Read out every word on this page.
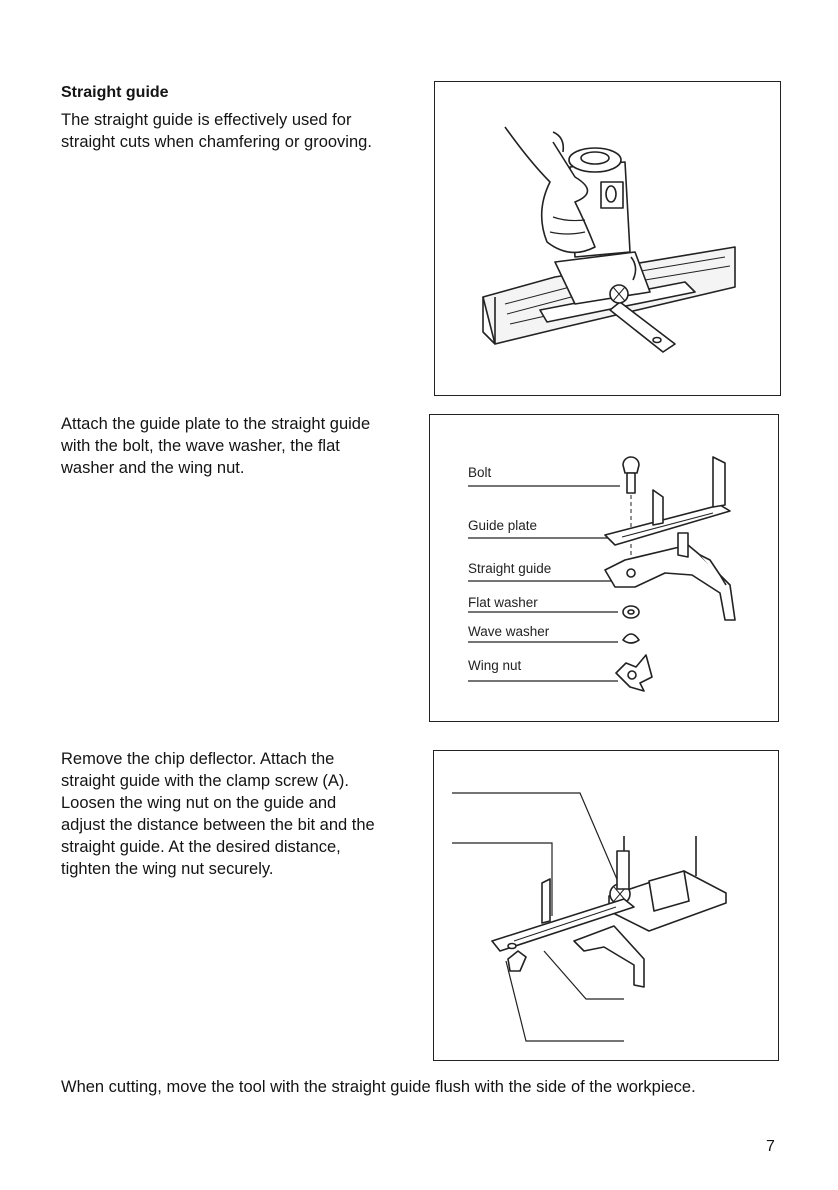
Straight guide
The straight guide is effectively used for
straight cuts when chamfering or grooving.
Attach the guide plate to the straight guide
with the bolt, the wave washer, the flat
washer and the wing nut.
Remove the chip deflector. Attach the
straight guide with the clamp screw (A).
Loosen the wing nut on the guide and
adjust the distance between the bit and the
straight guide. At the desired distance,
tighten the wing nut securely.
When cutting, move the tool with the straight guide flush with the side of the workpiece.
7
Bolt
Guide plate
Straight guide
Flat washer
Wave washer
Wing nut
